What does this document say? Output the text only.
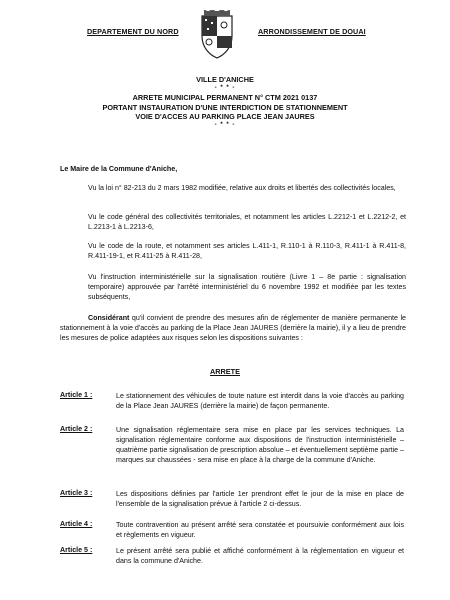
DEPARTEMENT DU NORD	ARRONDISSEMENT DE DOUAI
VILLE D'ANICHE
- * * -
ARRETE MUNICIPAL PERMANENT N° CTM 2021 0137
PORTANT INSTAURATION D'UNE INTERDICTION DE STATIONNEMENT
VOIE D'ACCES AU PARKING PLACE JEAN JAURES
- * * -
Le Maire de la Commune d'Aniche,
Vu la loi n° 82-213 du 2 mars 1982 modifiée, relative aux droits et libertés des collectivités locales,
Vu le code général des collectivités territoriales, et notamment les articles L.2212-1 et L.2212-2, et L.2213-1 à L.2213-6,
Vu le code de la route, et notamment ses articles L.411-1, R.110-1 à R.110-3, R.411-1 à R.411-8, R.411-19-1, et R.411-25 à R.411-28,
Vu l'instruction interministérielle sur la signalisation routière (Livre 1 – 8e partie : signalisation temporaire) approuvée par l'arrêté interministériel du 6 novembre 1992 et modifiée par les textes subséquents,
Considérant qu'il convient de prendre des mesures afin de réglementer de manière permanente le stationnement à la voie d'accès au parking de la Place Jean JAURES (derrière la mairie), il y a lieu de prendre les mesures de police adaptées aux risques selon les dispositions suivantes :
ARRETE
Article 1 :	Le stationnement des véhicules de toute nature est interdit dans la voie d'accès au parking de la Place Jean JAURES (derrière la mairie) de façon permanente.
Article 2 :	Une signalisation réglementaire sera mise en place par les services techniques. La signalisation réglementaire conforme aux dispositions de l'instruction interministérielle – quatrième partie signalisation de prescription absolue – et éventuellement septième partie – marques sur chaussées - sera mise en place à la charge de la commune d'Aniche.
Article 3 :	Les dispositions définies par l'article 1er prendront effet le jour de la mise en place de l'ensemble de la signalisation prévue à l'article 2 ci-dessus.
Article 4 :	Toute contravention au présent arrêté sera constatée et poursuivie conformément aux lois et règlements en vigueur.
Article 5 :	Le présent arrêté sera publié et affiché conformément à la réglementation en vigueur et dans la commune d'Aniche.
